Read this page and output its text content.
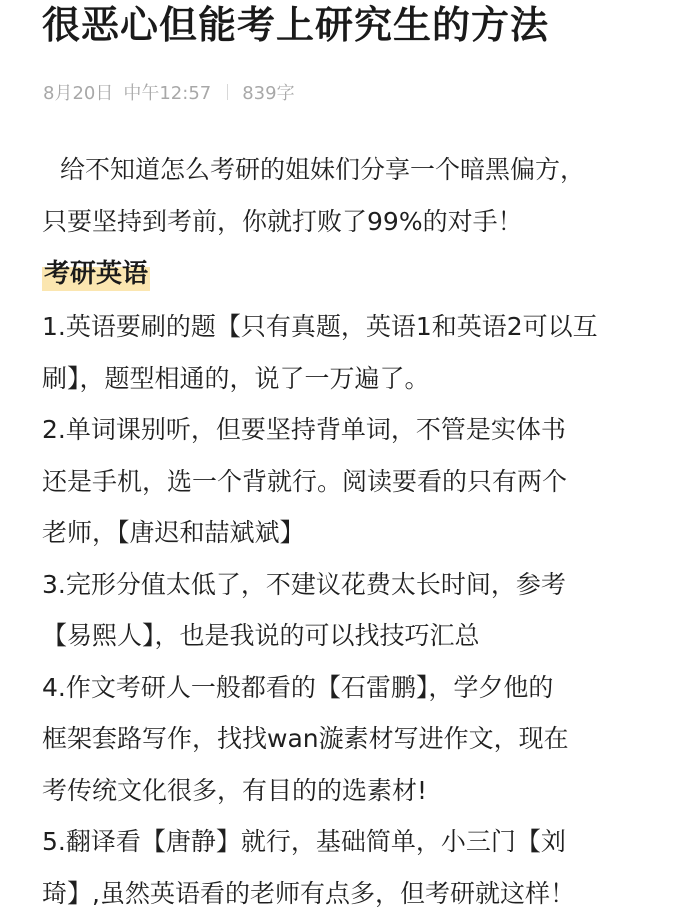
很恶心但能考上研究生的方法
8月20日 中午12:57 839字
给不知道怎么考研的姐妹们分享一个暗黑偏方，
只要坚持到考前，你就打败了99%的对手！
考研英语
1.英语要刷的题【只有真题，英语1和英语2可以互
刷】，题型相通的，说了一万遍了。
2.单词课别听，但要坚持背单词，不管是实体书
还是手机，选一个背就行。阅读要看的只有两个
老师，【唐迟和喆斌斌】
3.完形分值太低了，不建议花费太长时间，参考
【易熙人】，也是我说的可以找技巧汇总
4.作文考研人一般都看的【石雷鹏】，学夕他的
框架套路写作，找找wan漩素材写进作文，现在
考传统文化很多，有目的的选素材!
5.翻译看【唐静】就行，基础简单，小三门【刘
琦】,虽然英语看的老师有点多，但考研就这样！
